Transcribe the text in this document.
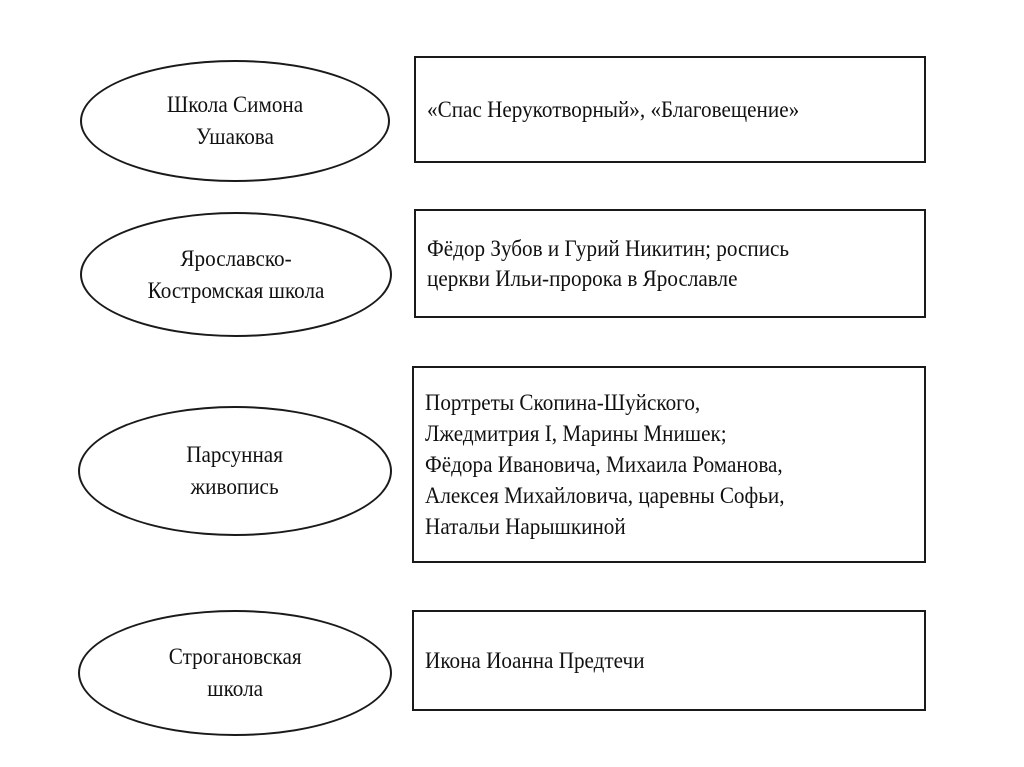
Школа Симона
Ушакова
«Спас Нерукотворный», «Благовещение»
Ярославско-
Костромская школа
Фёдор Зубов и Гурий Никитин; роспись
церкви Ильи-пророка в Ярославле
Парсунная
живопись
Портреты Скопина-Шуйского,
Лжедмитрия I, Марины Мнишек;
Фёдора Ивановича, Михаила Романова,
Алексея Михайловича, царевны Софьи,
Натальи Нарышкиной
Строгановская
школа
Икона Иоанна Предтечи
